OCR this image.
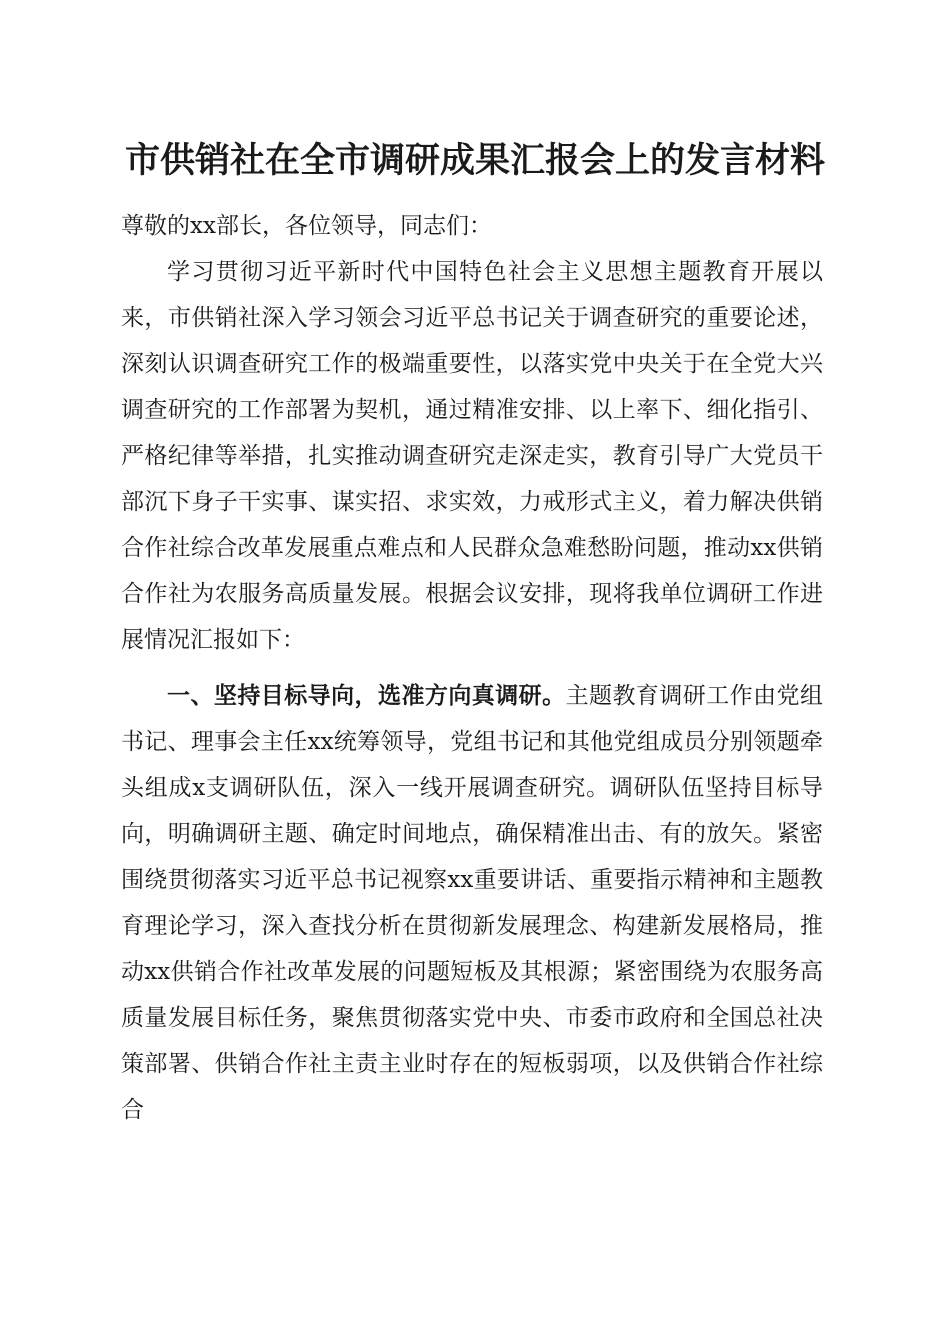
市供销社在全市调研成果汇报会上的发言材料

尊敬的xx部长，各位领导，同志们：

学习贯彻习近平新时代中国特色社会主义思想主题教育开展以来，市供销社深入学习领会习近平总书记关于调查研究的重要论述，深刻认识调查研究工作的极端重要性，以落实党中央关于在全党大兴调查研究的工作部署为契机，通过精准安排、以上率下、细化指引、严格纪律等举措，扎实推动调查研究走深走实，教育引导广大党员干部沉下身子干实事、谋实招、求实效，力戒形式主义，着力解决供销合作社综合改革发展重点难点和人民群众急难愁盼问题，推动xx供销合作社为农服务高质量发展。根据会议安排，现将我单位调研工作进展情况汇报如下：

一、坚持目标导向，选准方向真调研。主题教育调研工作由党组书记、理事会主任xx统筹领导，党组书记和其他党组成员分别领题牵头组成x支调研队伍，深入一线开展调查研究。调研队伍坚持目标导向，明确调研主题、确定时间地点，确保精准出击、有的放矢。紧密围绕贯彻落实习近平总书记视察xx重要讲话、重要指示精神和主题教育理论学习，深入查找分析在贯彻新发展理念、构建新发展格局，推动xx供销合作社改革发展的问题短板及其根源；紧密围绕为农服务高质量发展目标任务，聚焦贯彻落实党中央、市委市政府和全国总社决策部署、供销合作社主责主业时存在的短板弱项，以及供销合作社综合
